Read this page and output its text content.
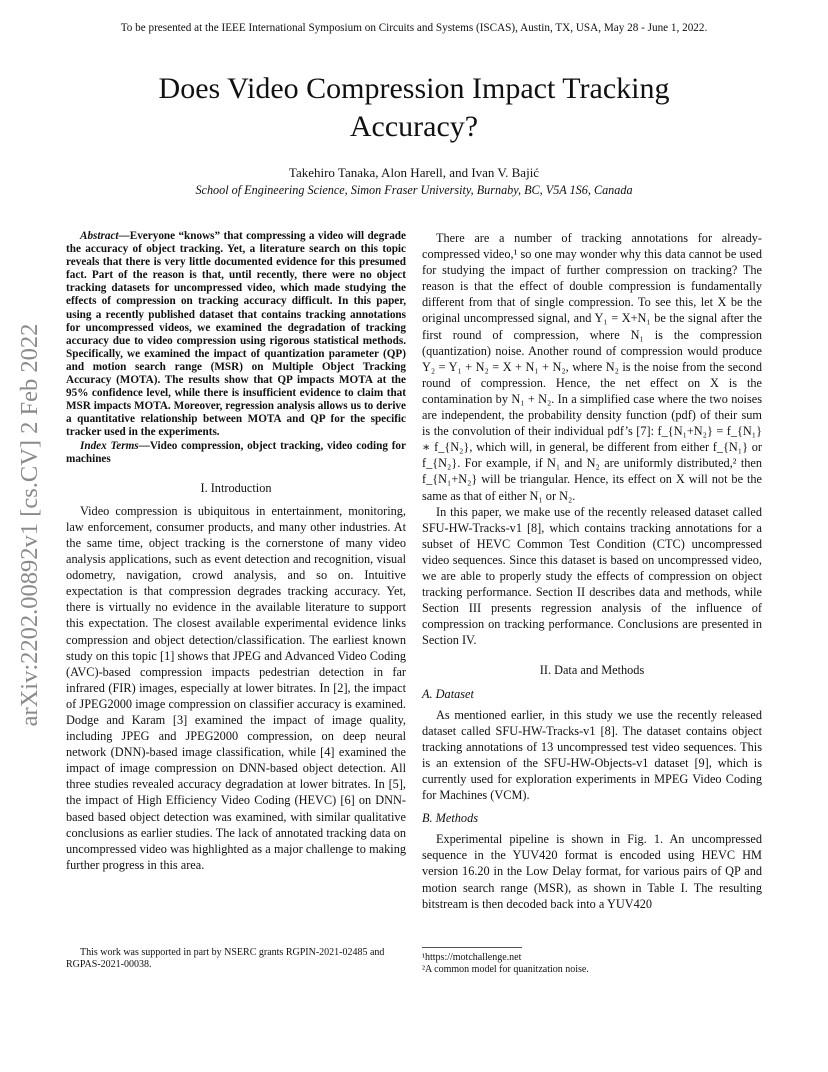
To be presented at the IEEE International Symposium on Circuits and Systems (ISCAS), Austin, TX, USA, May 28 - June 1, 2022.
Does Video Compression Impact Tracking Accuracy?
Takehiro Tanaka, Alon Harell, and Ivan V. Bajić
School of Engineering Science, Simon Fraser University, Burnaby, BC, V5A 1S6, Canada
arXiv:2202.00892v1 [cs.CV] 2 Feb 2022

Abstract—Everyone “knows” that compressing a video will degrade the accuracy of object tracking. Yet, a literature search on this topic reveals that there is very little documented evidence for this presumed fact. Part of the reason is that, until recently, there were no object tracking datasets for uncompressed video, which made studying the effects of compression on tracking accuracy difficult. In this paper, using a recently published dataset that contains tracking annotations for uncompressed videos, we examined the degradation of tracking accuracy due to video compression using rigorous statistical methods. Specifically, we examined the impact of quantization parameter (QP) and motion search range (MSR) on Multiple Object Tracking Accuracy (MOTA). The results show that QP impacts MOTA at the 95% confidence level, while there is insufficient evidence to claim that MSR impacts MOTA. Moreover, regression analysis allows us to derive a quantitative relationship between MOTA and QP for the specific tracker used in the experiments.

Index Terms—Video compression, object tracking, video coding for machines

I. Introduction

Video compression is ubiquitous in entertainment, monitoring, law enforcement, consumer products, and many other industries. At the same time, object tracking is the cornerstone of many video analysis applications, such as event detection and recognition, visual odometry, navigation, crowd analysis, and so on. Intuitive expectation is that compression degrades tracking accuracy. Yet, there is virtually no evidence in the available literature to support this expectation. The closest available experimental evidence links compression and object detection/classification. The earliest known study on this topic [1] shows that JPEG and Advanced Video Coding (AVC)-based compression impacts pedestrian detection in far infrared (FIR) images, especially at lower bitrates. In [2], the impact of JPEG2000 image compression on classifier accuracy is examined. Dodge and Karam [3] examined the impact of image quality, including JPEG and JPEG2000 compression, on deep neural network (DNN)-based image classification, while [4] examined the impact of image compression on DNN-based object detection. All three studies revealed accuracy degradation at lower bitrates. In [5], the impact of High Efficiency Video Coding (HEVC) [6] on DNN-based based object detection was examined, with similar qualitative conclusions as earlier studies. The lack of annotated tracking data on uncompressed video was highlighted as a major challenge to making further progress in this area.

There are a number of tracking annotations for already-compressed video,¹ so one may wonder why this data cannot be used for studying the impact of further compression on tracking? The reason is that the effect of double compression is fundamentally different from that of single compression. To see this, let X be the original uncompressed signal, and Y₁ = X+N₁ be the signal after the first round of compression, where N₁ is the compression (quantization) noise. Another round of compression would produce Y₂ = Y₁ + N₂ = X + N₁ + N₂, where N₂ is the noise from the second round of compression. Hence, the net effect on X is the contamination by N₁ + N₂. In a simplified case where the two noises are independent, the probability density function (pdf) of their sum is the convolution of their individual pdf’s [7]: f_{N₁+N₂} = f_{N₁} ∗ f_{N₂}, which will, in general, be different from either f_{N₁} or f_{N₂}. For example, if N₁ and N₂ are uniformly distributed,² then f_{N₁+N₂} will be triangular. Hence, its effect on X will not be the same as that of either N₁ or N₂.

In this paper, we make use of the recently released dataset called SFU-HW-Tracks-v1 [8], which contains tracking annotations for a subset of HEVC Common Test Condition (CTC) uncompressed video sequences. Since this dataset is based on uncompressed video, we are able to properly study the effects of compression on object tracking performance. Section II describes data and methods, while Section III presents regression analysis of the influence of compression on tracking performance. Conclusions are presented in Section IV.

II. Data and Methods
A. Dataset

As mentioned earlier, in this study we use the recently released dataset called SFU-HW-Tracks-v1 [8]. The dataset contains object tracking annotations of 13 uncompressed test video sequences. This is an extension of the SFU-HW-Objects-v1 dataset [9], which is currently used for exploration experiments in MPEG Video Coding for Machines (VCM).

B. Methods

Experimental pipeline is shown in Fig. 1. An uncompressed sequence in the YUV420 format is encoded using HEVC HM version 16.20 in the Low Delay format, for various pairs of QP and motion search range (MSR), as shown in Table I. The resulting bitstream is then decoded back into a YUV420

This work was supported in part by NSERC grants RGPIN-2021-02485 and RGPAS-2021-00038.
¹https://motchallenge.net
²A common model for quanitzation noise.
